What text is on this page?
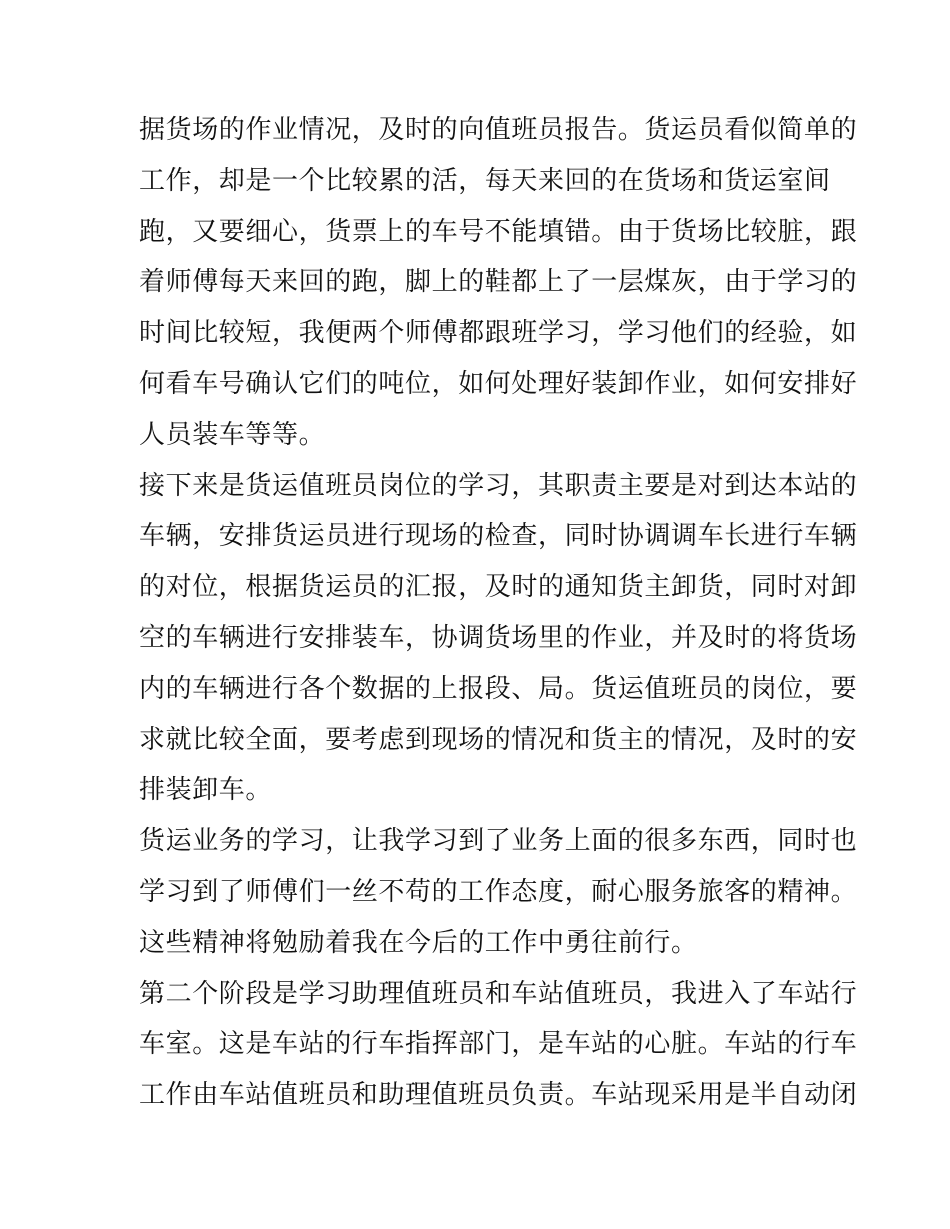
据货场的作业情况，及时的向值班员报告。货运员看似简单的
工作，却是一个比较累的活，每天来回的在货场和货运室间
跑，又要细心，货票上的车号不能填错。由于货场比较脏，跟
着师傅每天来回的跑，脚上的鞋都上了一层煤灰，由于学习的
时间比较短，我便两个师傅都跟班学习，学习他们的经验，如
何看车号确认它们的吨位，如何处理好装卸作业，如何安排好
人员装车等等。
接下来是货运值班员岗位的学习，其职责主要是对到达本站的
车辆，安排货运员进行现场的检查，同时协调调车长进行车辆
的对位，根据货运员的汇报，及时的通知货主卸货，同时对卸
空的车辆进行安排装车，协调货场里的作业，并及时的将货场
内的车辆进行各个数据的上报段、局。货运值班员的岗位，要
求就比较全面，要考虑到现场的情况和货主的情况，及时的安
排装卸车。
货运业务的学习，让我学习到了业务上面的很多东西，同时也
学习到了师傅们一丝不苟的工作态度，耐心服务旅客的精神。
这些精神将勉励着我在今后的工作中勇往前行。
第二个阶段是学习助理值班员和车站值班员，我进入了车站行
车室。这是车站的行车指挥部门，是车站的心脏。车站的行车
工作由车站值班员和助理值班员负责。车站现采用是半自动闭
